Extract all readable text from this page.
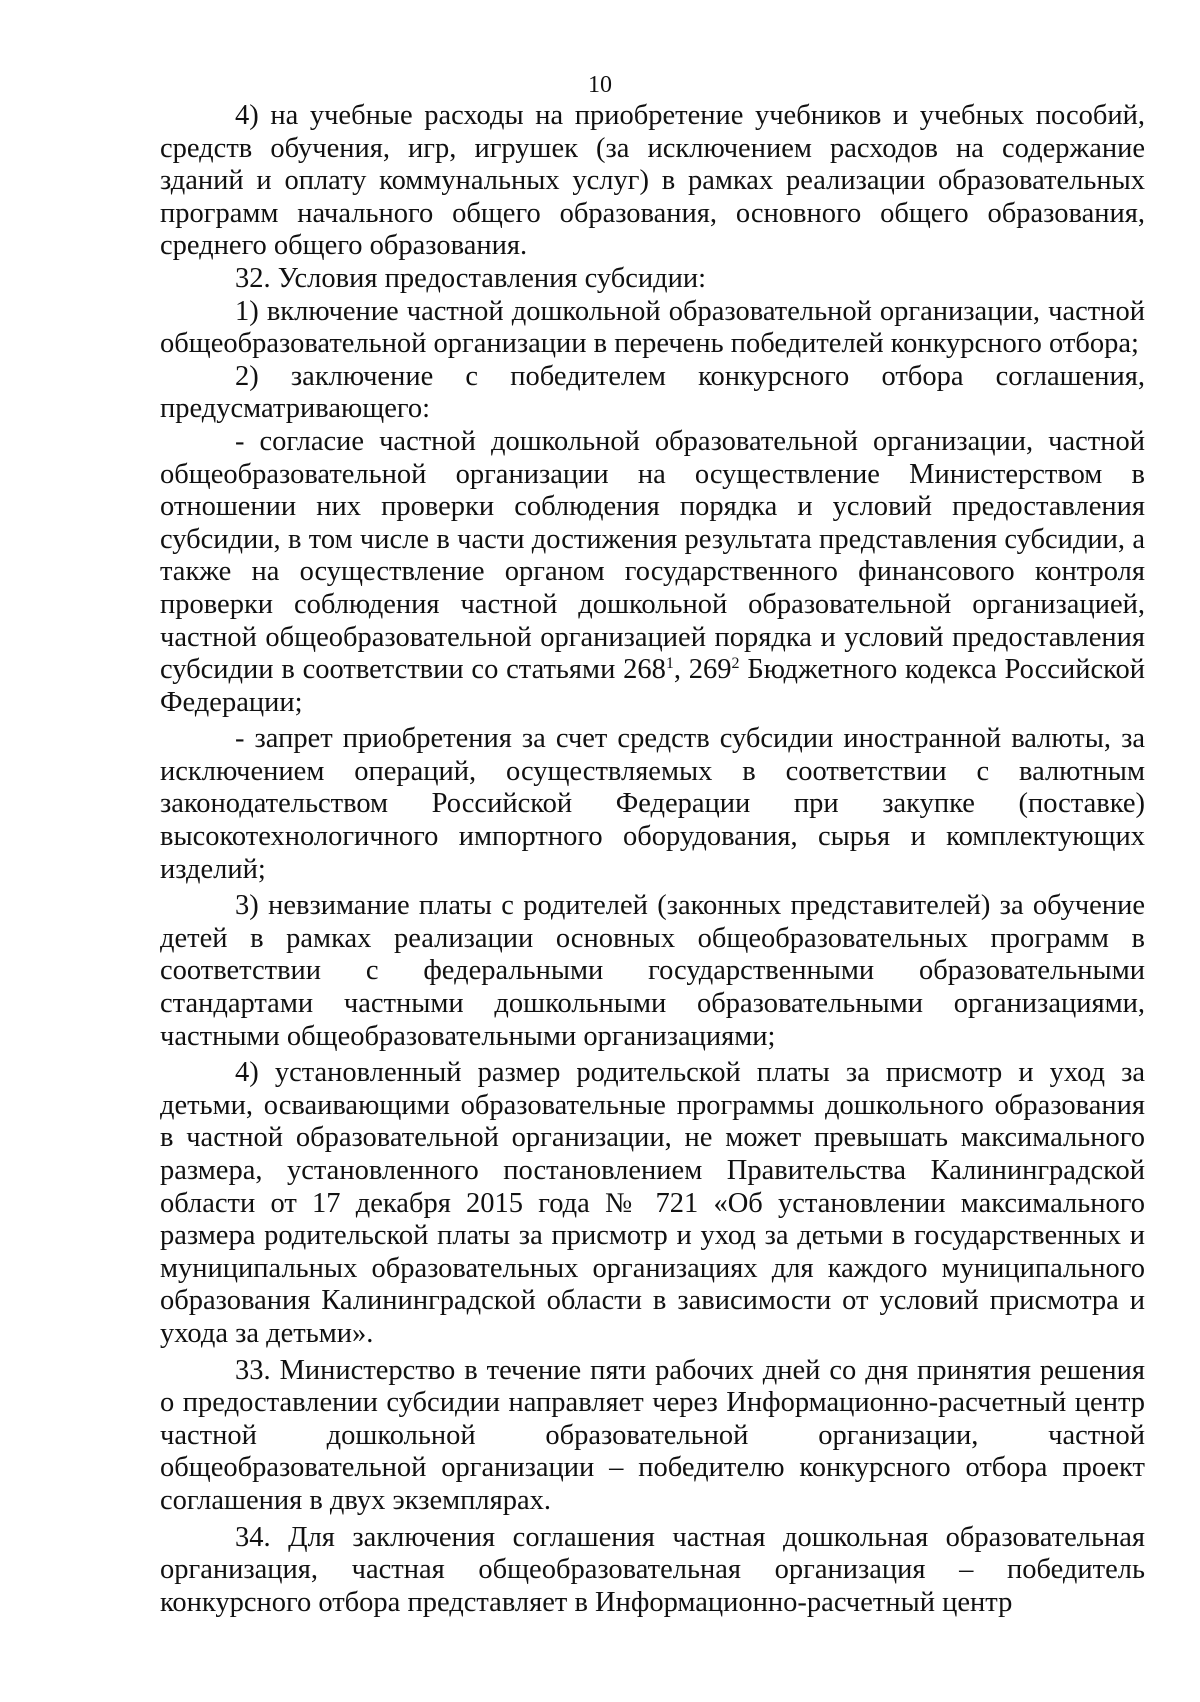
10

4) на учебные расходы на приобретение учебников и учебных пособий, средств обучения, игр, игрушек (за исключением расходов на содержание зданий и оплату коммунальных услуг) в рамках реализации образовательных программ начального общего образования, основного общего образования, среднего общего образования.

32. Условия предоставления субсидии:

1) включение частной дошкольной образовательной организации, частной общеобразовательной организации в перечень победителей конкурсного отбора;

2) заключение с победителем конкурсного отбора соглашения, предусматривающего:

- согласие частной дошкольной образовательной организации, частной общеобразовательной организации на осуществление Министерством в отношении них проверки соблюдения порядка и условий предоставления субсидии, в том числе в части достижения результата представления субсидии, а также на осуществление органом государственного финансового контроля проверки соблюдения частной дошкольной образовательной организацией, частной общеобразовательной организацией порядка и условий предоставления субсидии в соответствии со статьями $268^1$, $269^2$ Бюджетного кодекса Российской Федерации;

- запрет приобретения за счет средств субсидии иностранной валюты, за исключением операций, осуществляемых в соответствии с валютным законодательством Российской Федерации при закупке (поставке) высокотехнологичного импортного оборудования, сырья и комплектующих изделий;

3) невзимание платы с родителей (законных представителей) за обучение детей в рамках реализации основных общеобразовательных программ в соответствии с федеральными государственными образовательными стандартами частными дошкольными образовательными организациями, частными общеобразовательными организациями;

4) установленный размер родительской платы за присмотр и уход за детьми, осваивающими образовательные программы дошкольного образования в частной образовательной организации, не может превышать максимального размера, установленного постановлением Правительства Калининградской области от 17 декабря 2015 года № 721 «Об установлении максимального размера родительской платы за присмотр и уход за детьми в государственных и муниципальных образовательных организациях для каждого муниципального образования Калининградской области в зависимости от условий присмотра и ухода за детьми».

33. Министерство в течение пяти рабочих дней со дня принятия решения о предоставлении субсидии направляет через Информационно-расчетный центр частной дошкольной образовательной организации, частной общеобразовательной организации – победителю конкурсного отбора проект соглашения в двух экземплярах.

34. Для заключения соглашения частная дошкольная образовательная организация, частная общеобразовательная организация – победитель конкурсного отбора представляет в Информационно-расчетный центр
